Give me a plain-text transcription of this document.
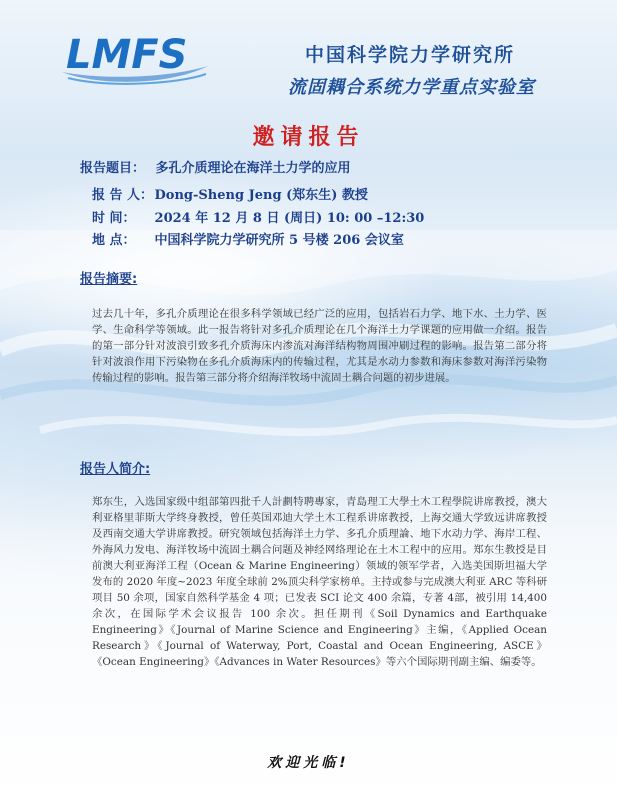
LMFS	中国科学院力学研究所
流固耦合系统力学重点实验室
邀请报告
报告题目： 多孔介质理论在海洋土力学的应用
报 告 人： Dong-Sheng Jeng (郑东生) 教授
时 间： 2024 年 12 月 8 日 (周日) 10: 00 –12:30
地 点： 中国科学院力学研究所 5 号楼 206 会议室
报告摘要:
过去几十年，多孔介质理论在很多科学领域已经广泛的应用，包括岩石力学、地下水、土力学、医学、生命科学等领域。此一报告将针对多孔介质理论在几个海洋土力学课题的应用做一介绍。报告的第一部分针对波浪引致多孔介质海床内渗流对海洋结构物周围冲刷过程的影响。报告第二部分将针对波浪作用下污染物在多孔介质海床内的传输过程，尤其是水动力参数和海床参数对海洋污染物传输过程的影响。报告第三部分将介绍海洋牧场中流固土耦合问题的初步进展。
报告人简介:
郑东生，入选国家级中组部第四批千人計劃特聘專家，青島理工大學土木工程學院讲席教授，澳大利亚格里菲斯大学终身教授，曾任英国邓迪大学土木工程系讲席教授，上海交通大学致远讲席教授及西南交通大学讲席教授。研究领域包括海洋土力学、多孔介质理論、地下水动力学、海岸工程、外海风力发电、海洋牧场中流固土耦合问题及神经网络理论在土木工程中的应用。郑东生教授是目前澳大利亚海洋工程（Ocean & Marine Engineering）领域的领军学者，入选美国斯坦福大学发布的 2020 年度~2023 年度全球前 2%顶尖科学家榜单。主持或参与完成澳大利亚 ARC 等科研项目 50 余项，国家自然科学基金 4 项；已发表 SCI 论文 400 余篇，专著 4部，被引用 14,400 余次，在国际学术会议报告 100 余次。担任期刊《Soil Dynamics and Earthquake Engineering》《Journal of Marine Science and Engineering》主编，《Applied Ocean Research》《Journal of Waterway, Port, Coastal and Ocean Engineering, ASCE》《Ocean Engineering》《Advances in Water Resources》等六个国际期刊副主编、编委等。
欢迎光临!
